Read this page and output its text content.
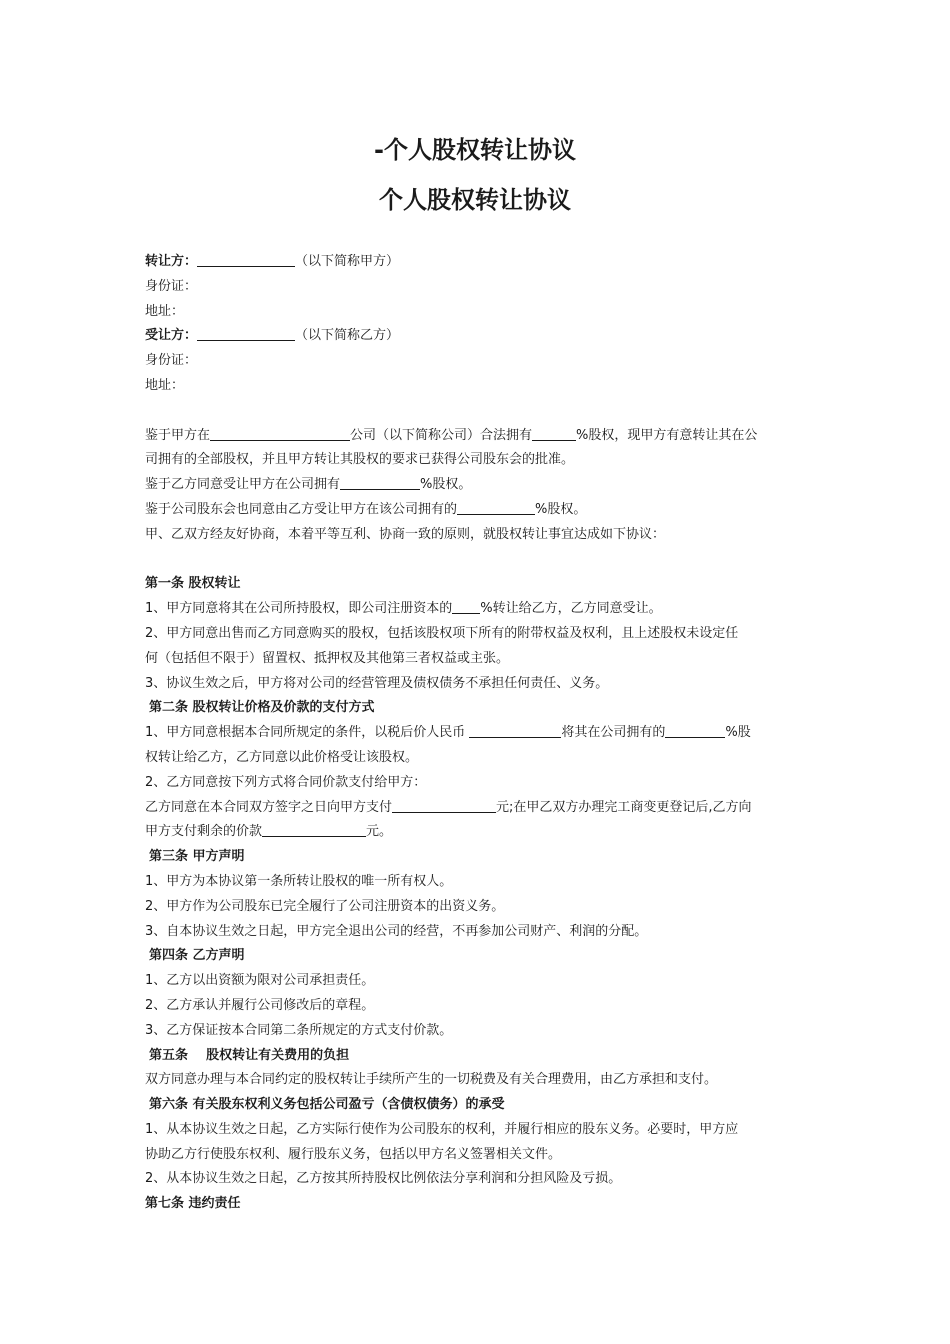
-个人股权转让协议
个人股权转让协议
转让方：	（以下简称甲方）
身份证：
地址：
受让方：	（以下简称乙方）
身份证：
地址：
鉴于甲方在	公司（以下简称公司）合法拥有	%股权，现甲方有意转让其在公
司拥有的全部股权，并且甲方转让其股权的要求已获得公司股东会的批准。
鉴于乙方同意受让甲方在公司拥有	%股权。
鉴于公司股东会也同意由乙方受让甲方在该公司拥有的	%股权。
甲、乙双方经友好协商，本着平等互利、协商一致的原则，就股权转让事宜达成如下协议：
第一条 股权转让
1、甲方同意将其在公司所持股权，即公司注册资本的 %转让给乙方，乙方同意受让。
2、甲方同意出售而乙方同意购买的股权，包括该股权项下所有的附带权益及权利，且上述股权未设定任
何（包括但不限于）留置权、抵押权及其他第三者权益或主张。
3、协议生效之后，甲方将对公司的经营管理及债权债务不承担任何责任、义务。
第二条 股权转让价格及价款的支付方式
1、甲方同意根据本合同所规定的条件，以税后价人民币	将其在公司拥有的	%股
权转让给乙方，乙方同意以此价格受让该股权。
2、乙方同意按下列方式将合同价款支付给甲方：
乙方同意在本合同双方签字之日向甲方支付	元;在甲乙双方办理完工商变更登记后,乙方向
甲方支付剩余的价款	元。
第三条 甲方声明
1、甲方为本协议第一条所转让股权的唯一所有权人。
2、甲方作为公司股东已完全履行了公司注册资本的出资义务。
3、自本协议生效之日起，甲方完全退出公司的经营，不再参加公司财产、利润的分配。
第四条 乙方声明
1、乙方以出资额为限对公司承担责任。
2、乙方承认并履行公司修改后的章程。
3、乙方保证按本合同第二条所规定的方式支付价款。
第五条    股权转让有关费用的负担
双方同意办理与本合同约定的股权转让手续所产生的一切税费及有关合理费用，由乙方承担和支付。
第六条 有关股东权利义务包括公司盈亏（含债权债务）的承受
1、从本协议生效之日起，乙方实际行使作为公司股东的权利，并履行相应的股东义务。必要时，甲方应
协助乙方行使股东权利、履行股东义务，包括以甲方名义签署相关文件。
2、从本协议生效之日起，乙方按其所持股权比例依法分享利润和分担风险及亏损。
第七条 违约责任
